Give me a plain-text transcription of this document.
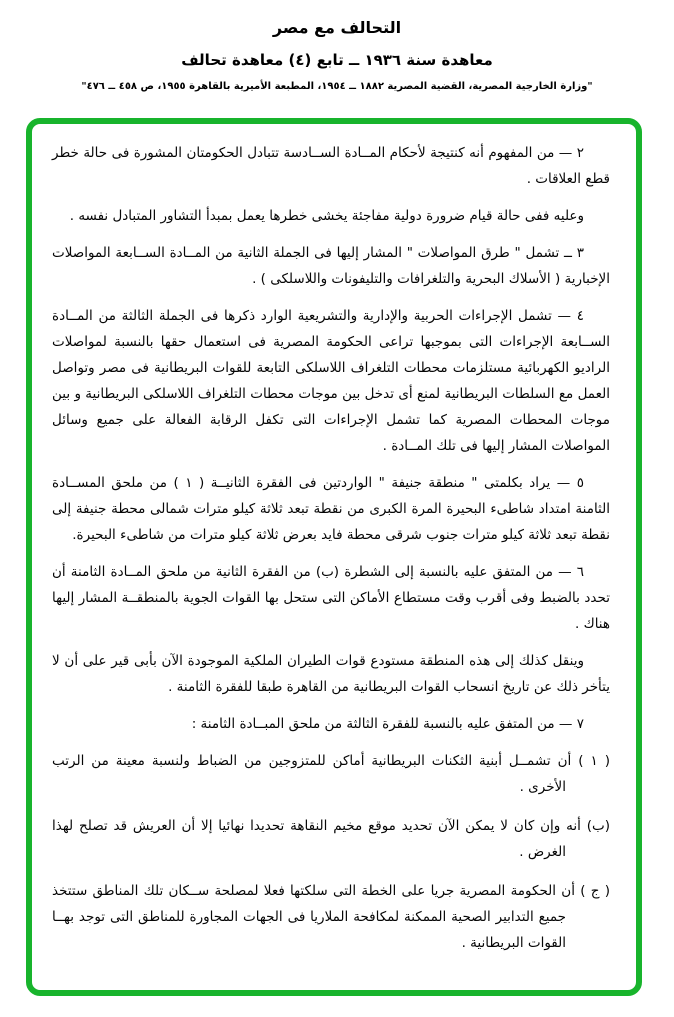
التحالف مع مصر
معاهدة سنة ١٩٣٦ ــ تابع (٤) معاهدة تحالف
"وزارة الخارجية المصرية، القضية المصرية ١٨٨٢ ــ ١٩٥٤، المطبعة الأميرية بالقاهرة ١٩٥٥، ص ٤٥٨ ــ ٤٧٦"
٢ — من المفهوم أنه كنتيجة لأحكام المــادة الســادسة تتبادل الحكومتان المشورة فى حالة خطر قطع العلاقات .
وعليه ففى حالة قيام ضرورة دولية مفاجئة يخشى خطرها يعمل بمبدأ التشاور المتبادل نفسه .
٣ ــ تشمل " طرق المواصلات " المشار إليها فى الجملة الثانية من المــادة الســابعة المواصلات الإخبارية ( الأسلاك البحرية والتلغرافات والتليفونات واللاسلكى ) .
٤ — تشمل الإجراءات الحربية والإدارية والتشريعية الوارد ذكرها فى الجملة الثالثة من المــادة الســابعة الإجراءات التى بموجبها تراعى الحكومة المصرية فى استعمال حقها بالنسبة لمواصلات الراديو الكهربائية مستلزمات محطات التلغراف اللاسلكى التابعة للقوات البريطانية فى مصر وتواصل العمل مع السلطات البريطانية لمنع أى تدخل بين موجات محطات التلغراف اللاسلكى البريطانية و بين موجات المحطات المصرية كما تشمل الإجراءات التى تكفل الرقابة الفعالة على جميع وسائل المواصلات المشار إليها فى تلك المــادة .
٥ — يراد بكلمتى " منطقة جنيفة " الواردتين فى الفقرة الثانيــة ( ١ ) من ملحق المســادة الثامنة امتداد شاطىء البحيرة المرة الكبرى من نقطة تبعد ثلاثة كيلو مترات شمالى محطة جنيفة إلى نقطة تبعد ثلاثة كيلو مترات جنوب شرقى محطة فايد بعرض ثلاثة كيلو مترات من شاطىء البحيرة.
٦ — من المتفق عليه بالنسبة إلى الشطرة (ب) من الفقرة الثانية من ملحق المــادة الثامنة أن تحدد بالضبط وفى أقرب وقت مستطاع الأماكن التى ستحل بها القوات الجوية بالمنطقــة المشار إليها هناك .
وينقل كذلك إلى هذه المنطقة مستودع قوات الطيران الملكية الموجودة الآن بأبى قير على أن لا يتأخر ذلك عن تاريخ انسحاب القوات البريطانية من القاهرة طبقا للفقرة الثامنة .
٧ — من المتفق عليه بالنسبة للفقرة الثالثة من ملحق المبــادة الثامنة :
( ١ ) أن تشمــل أبنية الثكنات البريطانية أماكن للمتزوجين من الضباط ولنسبة معينة من الرتب الأخرى .
(ب) أنه وإن كان لا يمكن الآن تحديد موقع مخيم النقاهة تحديدا نهائيا إلا أن العريش قد تصلح لهذا الغرض .
( ج ) أن الحكومة المصرية جريا على الخطة التى سلكتها فعلا لمصلحة ســكان تلك المناطق ستتخذ جميع التدابير الصحية الممكنة لمكافحة الملاريا فى الجهات المجاورة للمناطق التى توجد بهــا القوات البريطانية .
